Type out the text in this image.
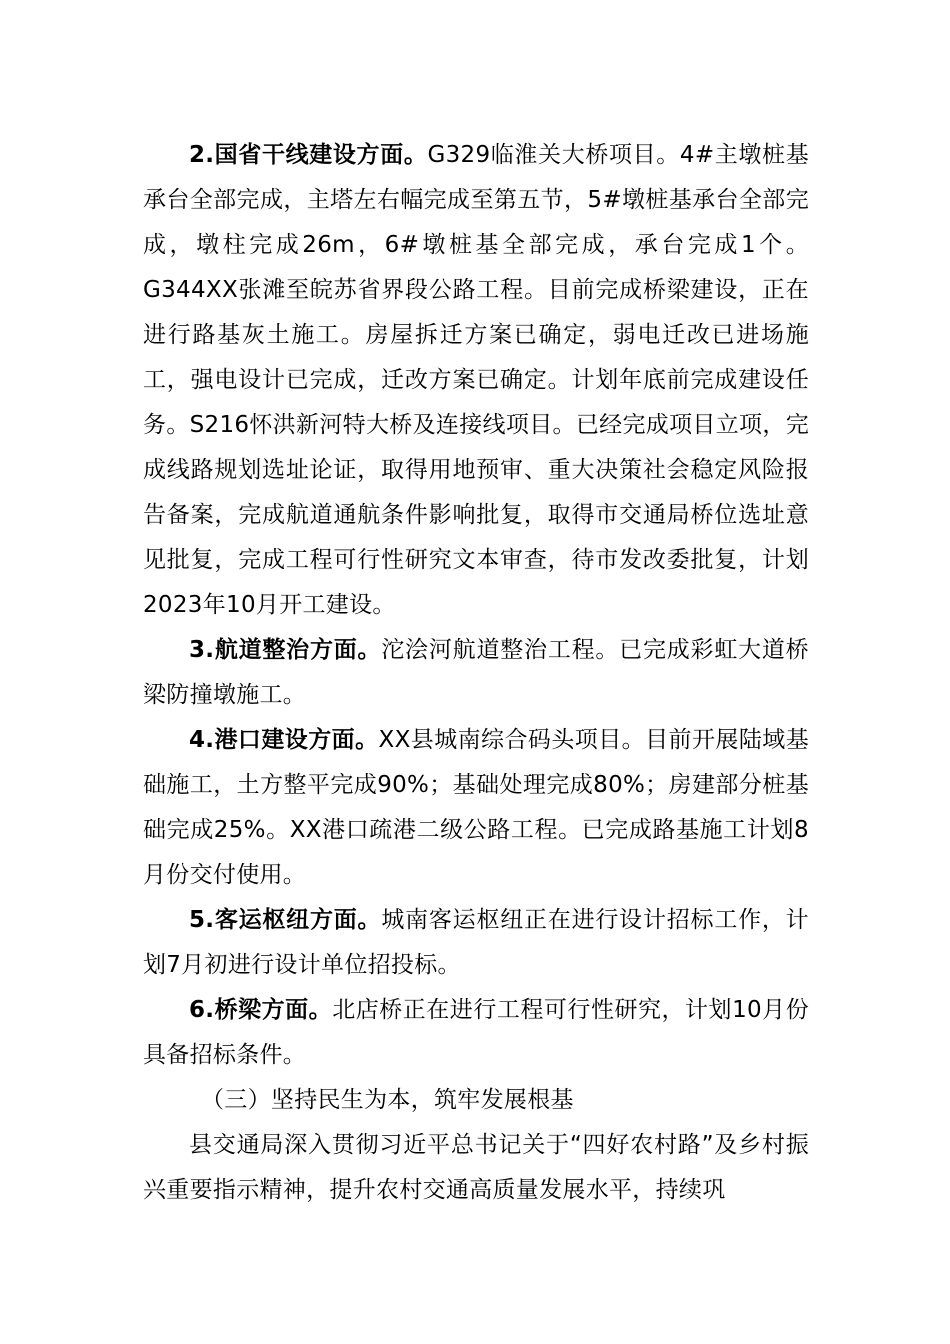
2.国省干线建设方面。G329临淮关大桥项目。4#主墩桩基承台全部完成，主塔左右幅完成至第五节，5#墩桩基承台全部完成，墩柱完成26m，6#墩桩基全部完成，承台完成1个。G344XX张滩至皖苏省界段公路工程。目前完成桥梁建设，正在进行路基灰土施工。房屋拆迁方案已确定，弱电迁改已进场施工，强电设计已完成，迁改方案已确定。计划年底前完成建设任务。S216怀洪新河特大桥及连接线项目。已经完成项目立项，完成线路规划选址论证，取得用地预审、重大决策社会稳定风险报告备案，完成航道通航条件影响批复，取得市交通局桥位选址意见批复，完成工程可行性研究文本审查，待市发改委批复，计划2023年10月开工建设。

3.航道整治方面。沱浍河航道整治工程。已完成彩虹大道桥梁防撞墩施工。

4.港口建设方面。XX县城南综合码头项目。目前开展陆域基础施工，土方整平完成90%；基础处理完成80%；房建部分桩基础完成25%。XX港口疏港二级公路工程。已完成路基施工计划8月份交付使用。

5.客运枢纽方面。城南客运枢纽正在进行设计招标工作，计划7月初进行设计单位招投标。

6.桥梁方面。北店桥正在进行工程可行性研究，计划10月份具备招标条件。

（三）坚持民生为本，筑牢发展根基

县交通局深入贯彻习近平总书记关于“四好农村路”及乡村振兴重要指示精神，提升农村交通高质量发展水平，持续巩
